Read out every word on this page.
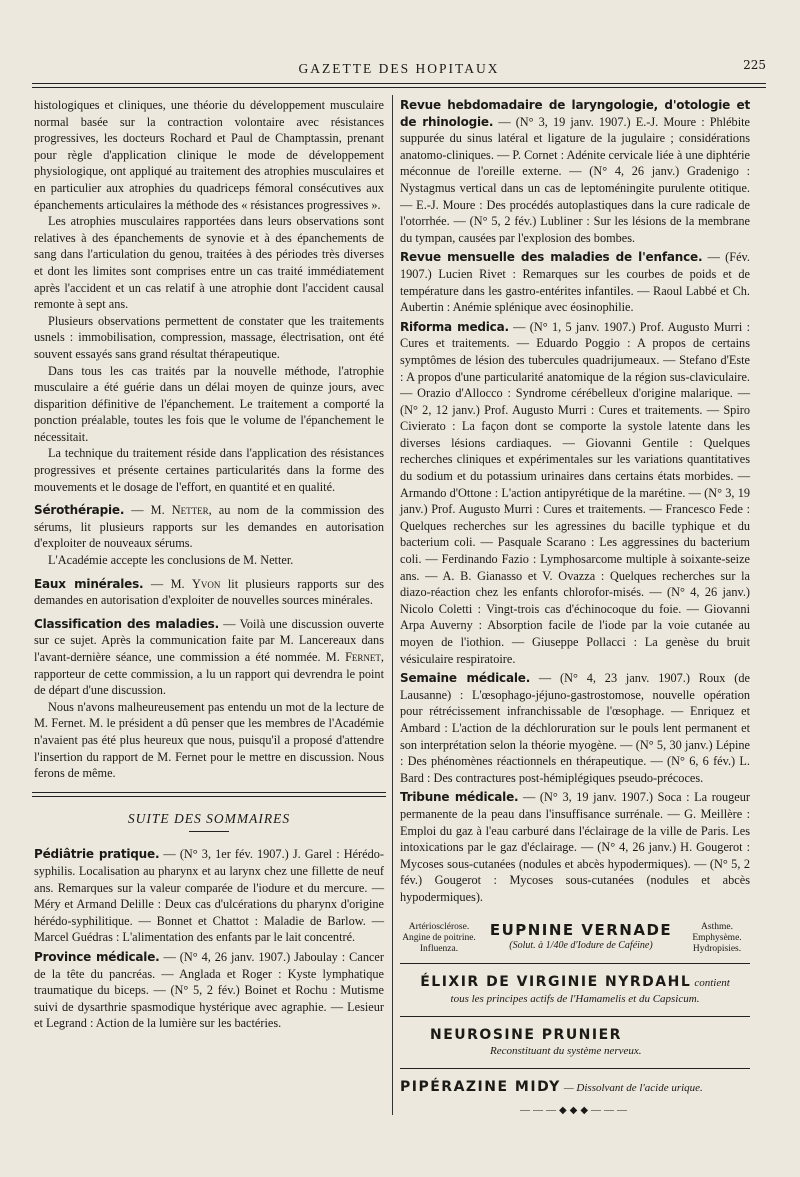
GAZETTE DES HOPITAUX	225

histologiques et cliniques, une théorie du développement musculaire normal basée sur la contraction volontaire avec résistances progressives, les docteurs Rochard et Paul de Champtassin, prenant pour règle d'application clinique le mode de développement physiologique, ont appliqué au traitement des atrophies musculaires et en particulier aux atrophies du quadriceps fémoral consécutives aux épanchements articulaires la méthode des « résistances progressives ».

Les atrophies musculaires rapportées dans leurs observations sont relatives à des épanchements de synovie et à des épanchements de sang dans l'articulation du genou, traitées à des périodes très diverses et dont les limites sont comprises entre un cas traité immédiatement après l'accident et un cas relatif à une atrophie dont l'accident causal remonte à sept ans.

Plusieurs observations permettent de constater que les traitements usnels : immobilisation, compression, massage, électrisation, ont été souvent essayés sans grand résultat thérapeutique.

Dans tous les cas traités par la nouvelle méthode, l'atrophie musculaire a été guérie dans un délai moyen de quinze jours, avec disparition définitive de l'épanchement. Le traitement a comporté la ponction préalable, toutes les fois que le volume de l'épanchement le nécessitait.

La technique du traitement réside dans l'application des résistances progressives et présente certaines particularités dans la forme des mouvements et le dosage de l'effort, en quantité et en qualité.

Sérothérapie. — M. Netter, au nom de la commission des sérums, lit plusieurs rapports sur les demandes en autorisation d'exploiter de nouveaux sérums.

L'Académie accepte les conclusions de M. Netter.

Eaux minérales. — M. Yvon lit plusieurs rapports sur des demandes en autorisation d'exploiter de nouvelles sources minérales.

Classification des maladies. — Voilà une discussion ouverte sur ce sujet. Après la communication faite par M. Lancereaux dans l'avant-dernière séance, une commission a été nommée. M. Fernet, rapporteur de cette commission, a lu un rapport qui devrendra le point de départ d'une discussion.

Nous n'avons malheureusement pas entendu un mot de la lecture de M. Fernet. M. le président a dû penser que les membres de l'Académie n'avaient pas été plus heureux que nous, puisqu'il a proposé d'attendre l'insertion du rapport de M. Fernet pour le mettre en discussion. Nous ferons de même.

SUITE DES SOMMAIRES

Pédiâtrie pratique. — (N° 3, 1er fév. 1907.) J. Garel : Hérédo-syphilis. Localisation au pharynx et au larynx chez une fillette de neuf ans. Remarques sur la valeur comparée de l'iodure et du mercure. — Méry et Armand Delille : Deux cas d'ulcérations du pharynx d'origine hérédo-syphilitique. — Bonnet et Chattot : Maladie de Barlow. — Marcel Guédras : L'alimentation des enfants par le lait concentré.

Province médicale. — (N° 4, 26 janv. 1907.) Jaboulay : Cancer de la tête du pancréas. — Anglada et Roger : Kyste lymphatique traumatique du biceps. — (N° 5, 2 fév.) Boinet et Rochu : Mutisme suivi de dysarthrie spasmodique hystérique avec agraphie. — Lesieur et Legrand : Action de la lumière sur les bactéries.

Revue hebdomadaire de laryngologie, d'otologie et de rhinologie. — (N° 3, 19 janv. 1907.) E.-J. Moure : Phlébite suppurée du sinus latéral et ligature de la jugulaire ; considérations anatomo-cliniques. — P. Cornet : Adénite cervicale liée à une diphtérie méconnue de l'oreille externe. — (N° 4, 26 janv.) Gradenigo : Nystagmus vertical dans un cas de leptoméningite purulente otitique. — E.-J. Moure : Des procédés autoplastiques dans la cure radicale de l'otorrhée. — (N° 5, 2 fév.) Lubliner : Sur les lésions de la membrane du tympan, causées par l'explosion des bombes.

Revue mensuelle des maladies de l'enfance. — (Fév. 1907.) Lucien Rivet : Remarques sur les courbes de poids et de température dans les gastro-entérites infantiles. — Raoul Labbé et Ch. Aubertin : Anémie splénique avec éosinophilie.

Riforma medica. — (N° 1, 5 janv. 1907.) Prof. Augusto Murri : Cures et traitements. — Eduardo Poggio : A propos de certains symptômes de lésion des tubercules quadrijumeaux. — Stefano d'Este : A propos d'une particularité anatomique de la région sus-claviculaire. — Orazio d'Allocco : Syndrome cérébelleux d'origine malarique. — (N° 2, 12 janv.) Prof. Augusto Murri : Cures et traitements. — Spiro Civierato : La façon dont se comporte la systole latente dans les diverses lésions cardiaques. — Giovanni Gentile : Quelques recherches cliniques et expérimentales sur les variations quantitatives du sodium et du potassium urinaires dans certains états morbides. — Armando d'Ottone : L'action antipyrétique de la marétine. — (N° 3, 19 janv.) Prof. Augusto Murri : Cures et traitements. — Francesco Fede : Quelques recherches sur les agressines du bacille typhique et du bacterium coli. — Pasquale Scarano : Les aggressines du bacterium coli. — Ferdinando Fazio : Lymphosarcome multiple à soixante-seize ans. — A. B. Gianasso et V. Ovazza : Quelques recherches sur la diazo-réaction chez les enfants chlorofor-misés. — (N° 4, 26 janv.) Nicolo Coletti : Vingt-trois cas d'échinocoque du foie. — Giovanni Arpa Auverny : Absorption facile de l'iode par la voie cutanée au moyen de l'iothion. — Giuseppe Pollacci : La genèse du bruit vésiculaire respiratoire.

Semaine médicale. — (N° 4, 23 janv. 1907.) Roux (de Lausanne) : L'œsophago-jéjuno-gastrostomose, nouvelle opération pour rétrécissement infranchissable de l'œsophage. — Enriquez et Ambard : L'action de la déchloruration sur le pouls lent permanent et son interprétation selon la théorie myogène. — (N° 5, 30 janv.) Lépine : Des phénomènes réactionnels en thérapeutique. — (N° 6, 6 fév.) L. Bard : Des contractures post-hémiplégiques pseudo-précoces.

Tribune médicale. — (N° 3, 19 janv. 1907.) Soca : La rougeur permanente de la peau dans l'insuffisance surrénale. — G. Meillère : Emploi du gaz à l'eau carburé dans l'éclairage de la ville de Paris. Les intoxications par le gaz d'éclairage. — (N° 4, 26 janv.) H. Gougerot : Mycoses sous-cutanées (nodules et abcès hypodermiques). — (N° 5, 2 fév.) Gougerot : Mycoses sous-cutanées (nodules et abcès hypodermiques).

Artériosclérose. Angine de poitrine. Influenza.
EUPNINE VERNADE
(Solut. à 1/40e d'Iodure de Caféine)
Asthme. Emphysème. Hydropisies.
ÉLIXIR DE VIRGINIE NYRDAHL contient
tous les principes actifs de l'Hamamelis et du Capsicum.
NEUROSINE PRUNIER
Reconstituant du système nerveux.
PIPÉRAZINE MIDY — Dissolvant de l'acide urique.
———◆◆◆———
